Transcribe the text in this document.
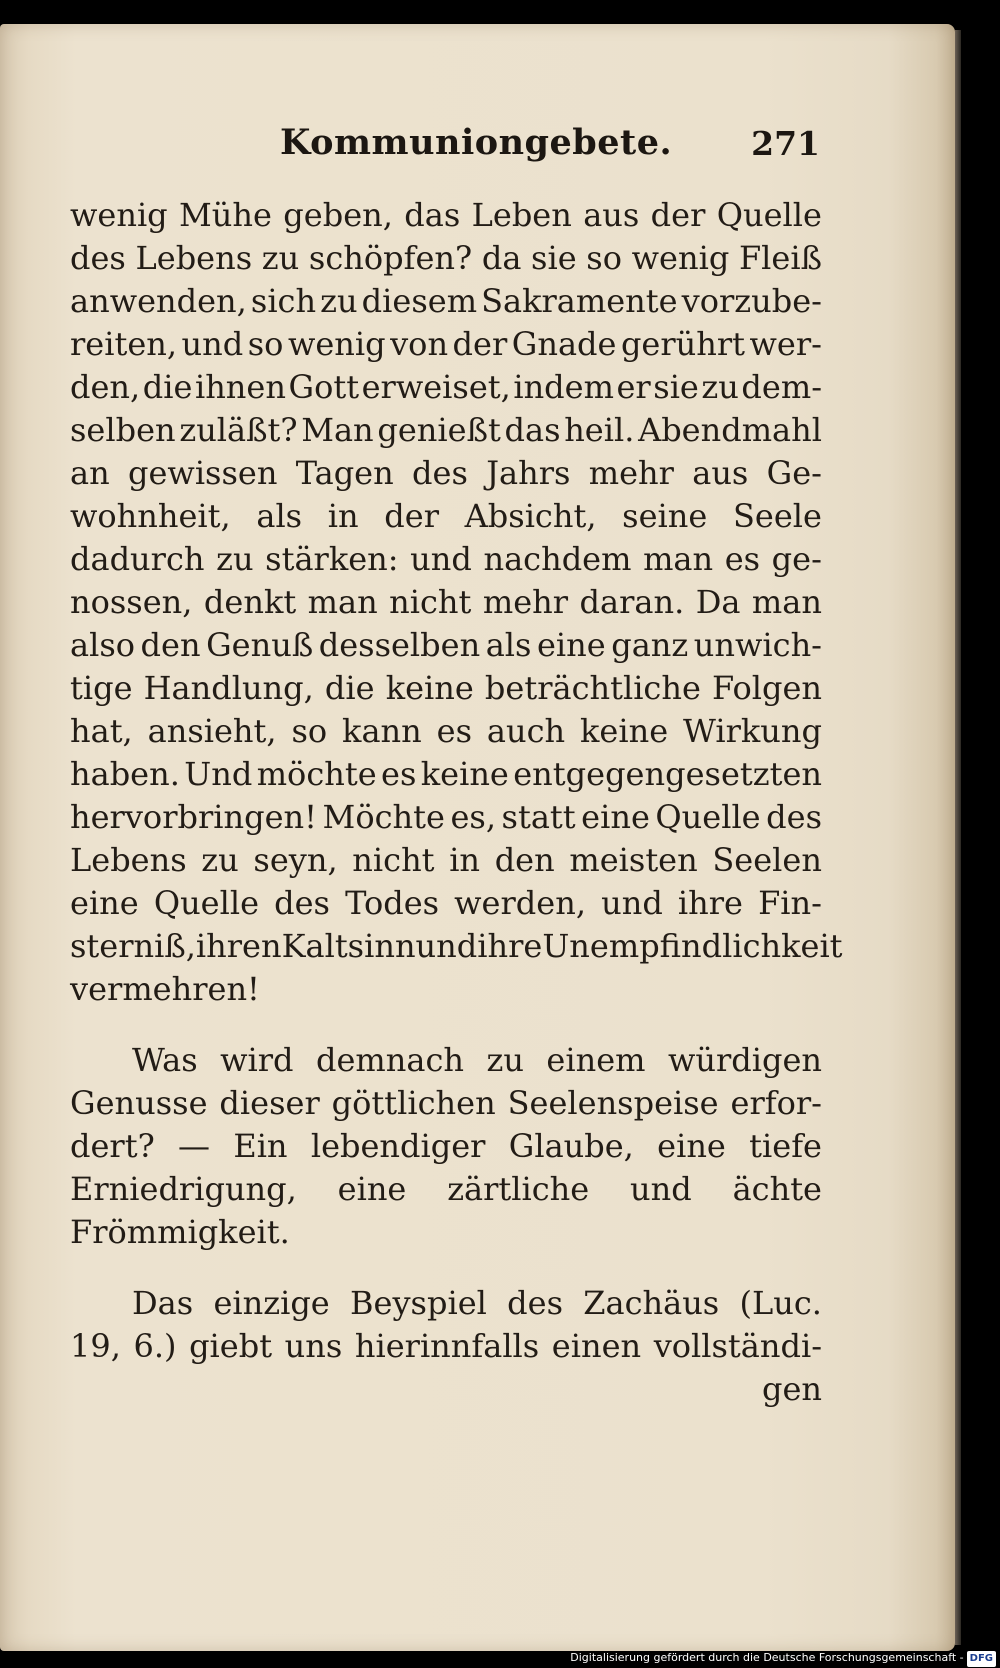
Kommuniongebete. 271
wenig Mühe geben, das Leben aus der Quelle
des Lebens zu schöpfen? da sie so wenig Fleiß
anwenden, sich zu diesem Sakramente vorzube-
reiten, und so wenig von der Gnade gerührt wer-
den, die ihnen Gott erweiset, indem er sie zu dem-
selben zuläßt? Man genießt das heil. Abendmahl
an gewissen Tagen des Jahrs mehr aus Ge-
wohnheit, als in der Absicht, seine Seele
dadurch zu stärken: und nachdem man es ge-
nossen, denkt man nicht mehr daran. Da man
also den Genuß desselben als eine ganz unwich-
tige Handlung, die keine beträchtliche Folgen
hat, ansieht, so kann es auch keine Wirkung
haben. Und möchte es keine entgegengesetzten
hervorbringen! Möchte es, statt eine Quelle des
Lebens zu seyn, nicht in den meisten Seelen
eine Quelle des Todes werden, und ihre Fin-
sterniß, ihren Kaltsinn und ihre Unempfindlichkeit
vermehren!
Was wird demnach zu einem würdigen
Genusse dieser göttlichen Seelenspeise erfor-
dert? — Ein lebendiger Glaube, eine tiefe
Erniedrigung, eine zärtliche und ächte
Frömmigkeit.
Das einzige Beyspiel des Zachäus (Luc.
19, 6.) giebt uns hierinnfalls einen vollständi-
gen
Digitalisierung gefördert durch die Deutsche Forschungsgemeinschaft - DFG
